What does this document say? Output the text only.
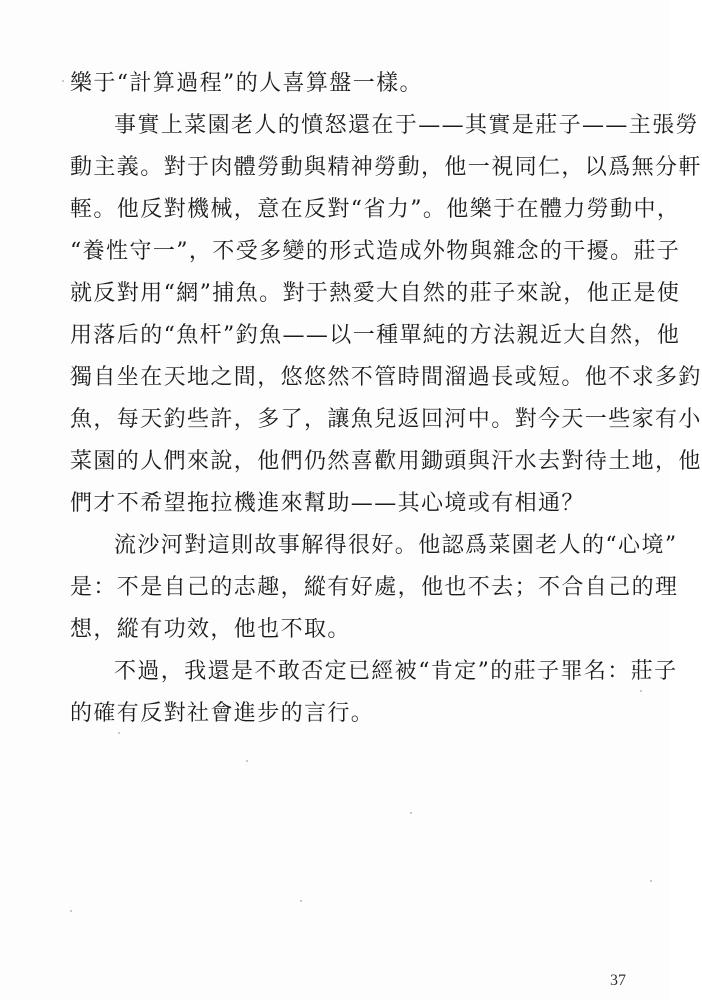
樂于“計算過程”的人喜算盤一樣。
事實上菜園老人的憤怒還在于——其實是莊子——主張勞
動主義。對于肉體勞動與精神勞動，他一視同仁，以爲無分軒
輊。他反對機械，意在反對“省力”。他樂于在體力勞動中，
“養性守一”，不受多變的形式造成外物與雜念的干擾。莊子
就反對用“網”捕魚。對于熱愛大自然的莊子來說，他正是使
用落后的“魚杆”釣魚——以一種單純的方法親近大自然，他
獨自坐在天地之間，悠悠然不管時間溜過長或短。他不求多釣
魚，每天釣些許，多了，讓魚兒返回河中。對今天一些家有小
菜園的人們來說，他們仍然喜歡用鋤頭與汗水去對待土地，他
們才不希望拖拉機進來幫助——其心境或有相通？
流沙河對這則故事解得很好。他認爲菜園老人的“心境”
是：不是自己的志趣，縱有好處，他也不去；不合自己的理
想，縱有功效，他也不取。
不過，我還是不敢否定已經被“肯定”的莊子罪名：莊子
的確有反對社會進步的言行。
37
